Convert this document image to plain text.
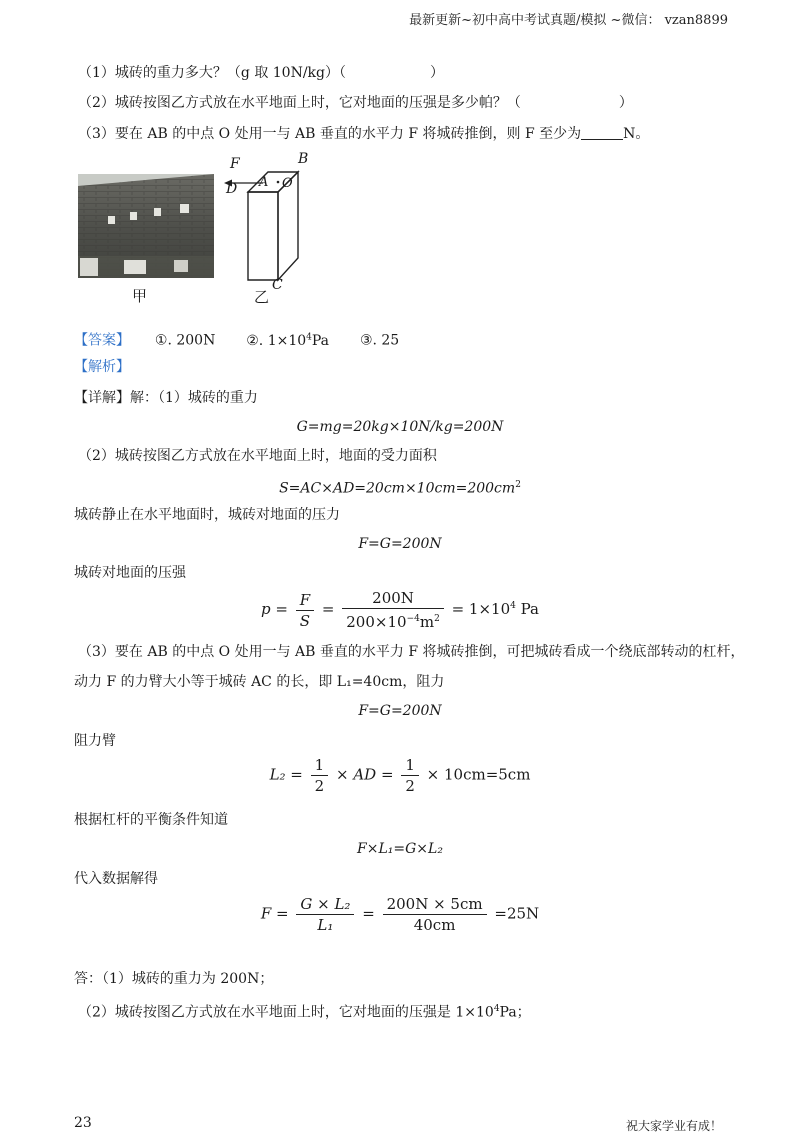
最新更新~初中高中考试真题/模拟 ~微信： vzan8899
（1）城砖的重力多大？（g 取 10N/kg）（　　　　　　）
（2）城砖按图乙方式放在水平地面上时，它对地面的压强是多少帕？（　　　　　　　）
（3）要在 AB 的中点 O 处用一与 AB 垂直的水平力 F 将城砖推倒，则 F 至少为	N。
甲
F	B
A O
D
C
乙
【答案】 ①. 200N ②. $1\times 10^4Pa$ ③. 25
【解析】
【详解】解：（1）城砖的重力
G=mg=20kg×10N/kg=200N
（2）城砖按图乙方式放在水平地面上时，地面的受力面积
$S=AC\times AD=20cm\times 10cm=200cm^2$
城砖静止在水平地面时，城砖对地面的压力
F=G=200N
城砖对地面的压强
$p = \frac{F}{S} = \frac{200N}{200\times 10^{-4}m^2} = 1\times 10^4$ Pa
（3）要在 AB 的中点 O 处用一与 AB 垂直的水平力 F 将城砖推倒，可把城砖看成一个绕底部转动的杠杆，
动力 F 的力臂大小等于城砖 AC 的长，即 L₁=40cm，阻力
F=G=200N
阻力臂
$L_2 = \frac{1}{2}$ × AD = $\frac{1}{2} \times 10cm=5cm$
根据杠杆的平衡条件知道
F×L₁=G×L₂
代入数据解得
$F = \frac{\text{G × L₂}}{\text{L₁}} = \frac{200N \times 5cm}{40cm} =25N$
答：（1）城砖的重力为 200N；
（2）城砖按图乙方式放在水平地面上时，它对地面的压强是 $1\times 10^4Pa$；
23	祝大家学业有成！
